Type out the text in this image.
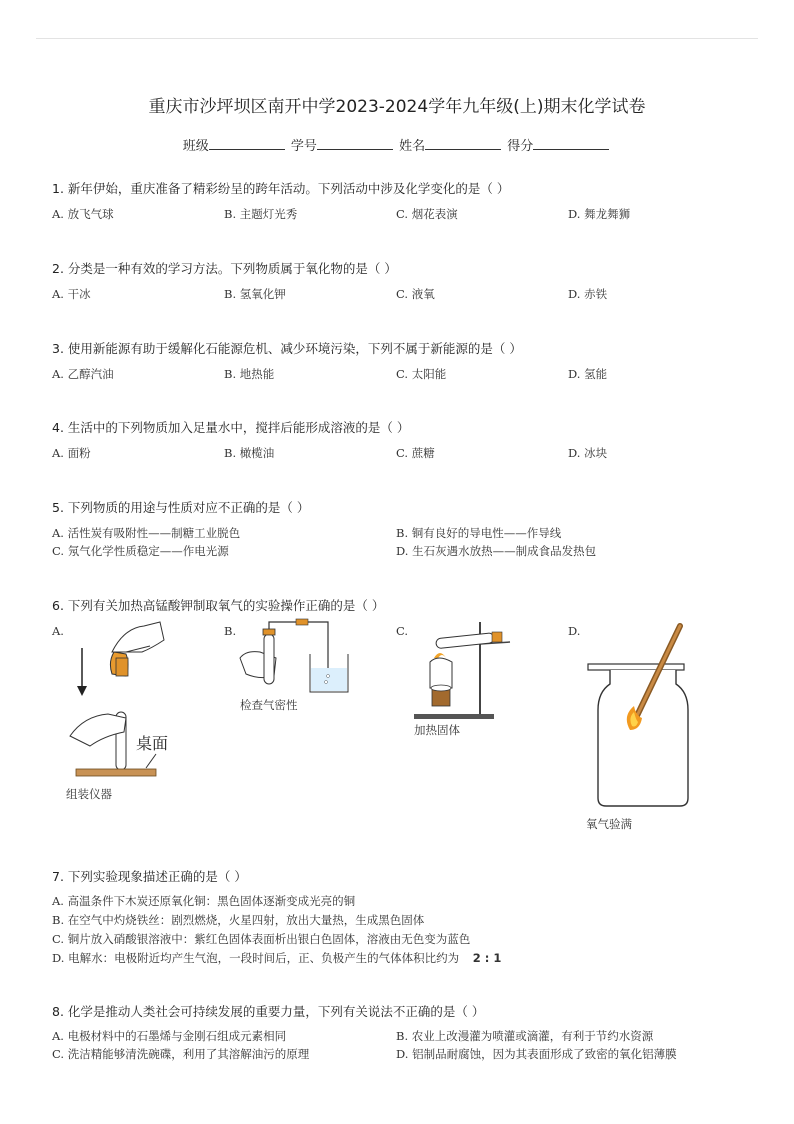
重庆市沙坪坝区南开中学2023-2024学年九年级(上)期末化学试卷
班级	学号	姓名	得分
1. 新年伊始，重庆准备了精彩纷呈的跨年活动。下列活动中涉及化学变化的是（ ）
A. 放飞气球	B. 主题灯光秀	C. 烟花表演	D. 舞龙舞狮
2. 分类是一种有效的学习方法。下列物质属于氧化物的是（ ）
A. 干冰	B. 氢氧化钾	C. 液氧	D. 赤铁
3. 使用新能源有助于缓解化石能源危机、减少环境污染，下列不属于新能源的是（ ）
A. 乙醇汽油	B. 地热能	C. 太阳能	D. 氢能
4. 生活中的下列物质加入足量水中，搅拌后能形成溶液的是（ ）
A. 面粉	B. 橄榄油	C. 蔗糖	D. 冰块
5. 下列物质的用途与性质对应不正确的是（ ）
A. 活性炭有吸附性——制糖工业脱色	B. 铜有良好的导电性——作导线
C. 氖气化学性质稳定——作电光源	D. 生石灰遇水放热——制成食品发热包
6. 下列有关加热高锰酸钾制取氧气的实验操作正确的是（ ）
A.	B.	C.	D.
桌面
组装仪器
检查气密性
加热固体
氧气验满
7. 下列实验现象描述正确的是（ ）
A. 高温条件下木炭还原氧化铜：黑色固体逐渐变成光亮的铜
B. 在空气中灼烧铁丝：剧烈燃烧，火星四射，放出大量热，生成黑色固体
C. 铜片放入硝酸银溶液中：紫红色固体表面析出银白色固体，溶液由无色变为蓝色
D. 电解水：电极附近均产生气泡，一段时间后，正、负极产生的气体体积比约为 2 : 1
8. 化学是推动人类社会可持续发展的重要力量，下列有关说法不正确的是（ ）
A. 电极材料中的石墨烯与金刚石组成元素相同	B. 农业上改漫灌为喷灌或滴灌，有利于节约水资源
C. 洗洁精能够清洗碗碟，利用了其溶解油污的原理	D. 铝制品耐腐蚀，因为其表面形成了致密的氧化铝薄膜
